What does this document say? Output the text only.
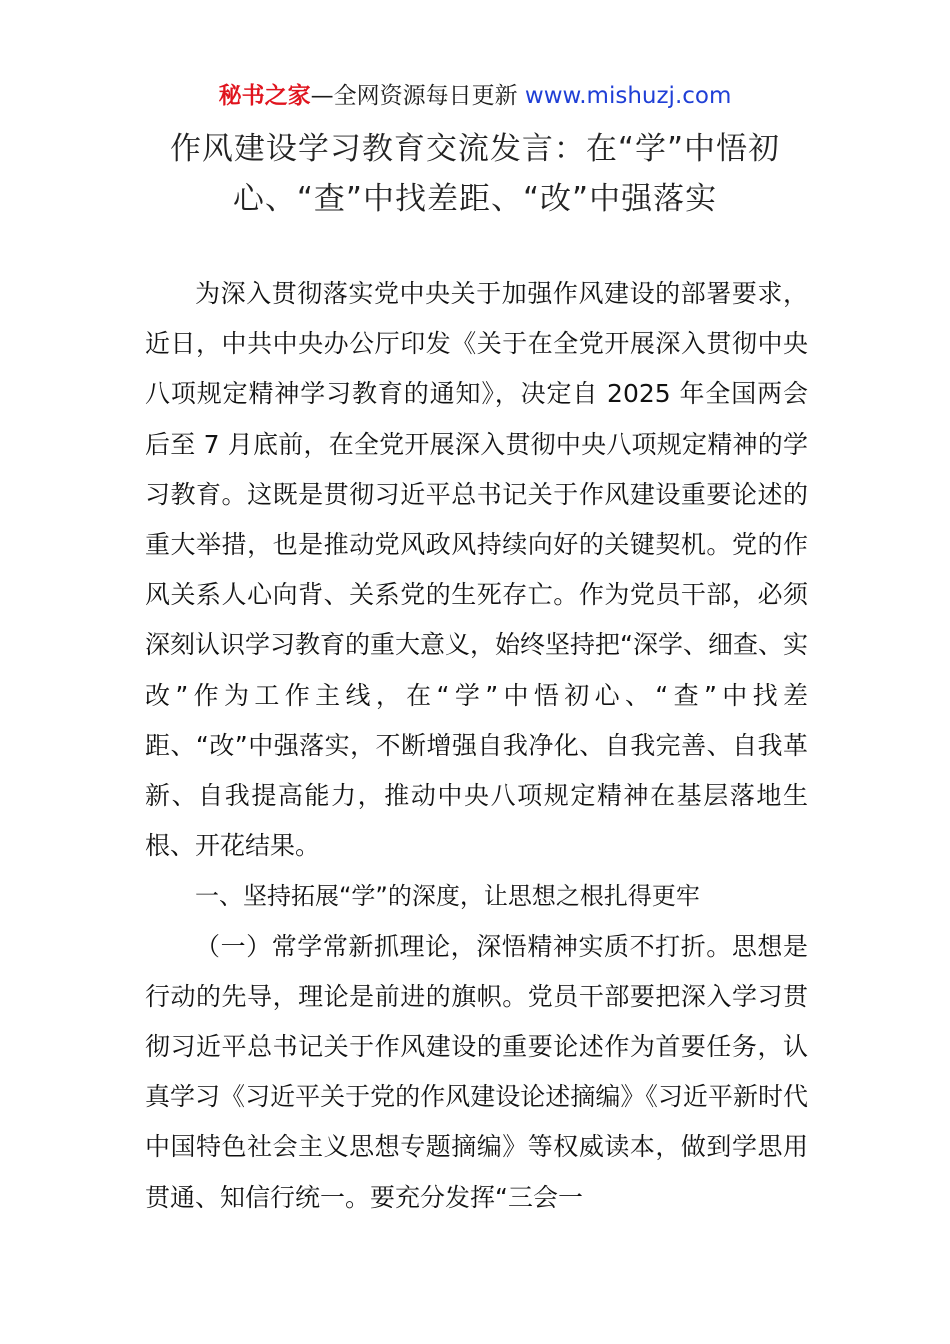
秘书之家—全网资源每日更新 www.mishuzj.com
作风建设学习教育交流发言：在“学”中悟初心、“查”中找差距、“改”中强落实

为深入贯彻落实党中央关于加强作风建设的部署要求，近日，中共中央办公厅印发《关于在全党开展深入贯彻中央八项规定精神学习教育的通知》，决定自 2025 年全国两会后至 7 月底前，在全党开展深入贯彻中央八项规定精神的学习教育。这既是贯彻习近平总书记关于作风建设重要论述的重大举措，也是推动党风政风持续向好的关键契机。党的作风关系人心向背、关系党的生死存亡。作为党员干部，必须深刻认识学习教育的重大意义，始终坚持把“深学、细查、实改”作为工作主线，在“学”中悟初心、“查”中找差距、“改”中强落实，不断增强自我净化、自我完善、自我革新、自我提高能力，推动中央八项规定精神在基层落地生根、开花结果。

一、坚持拓展“学”的深度，让思想之根扎得更牢

（一）常学常新抓理论，深悟精神实质不打折。思想是行动的先导，理论是前进的旗帜。党员干部要把深入学习贯彻习近平总书记关于作风建设的重要论述作为首要任务，认真学习《习近平关于党的作风建设论述摘编》《习近平新时代中国特色社会主义思想专题摘编》等权威读本，做到学思用贯通、知信行统一。要充分发挥“三会一
